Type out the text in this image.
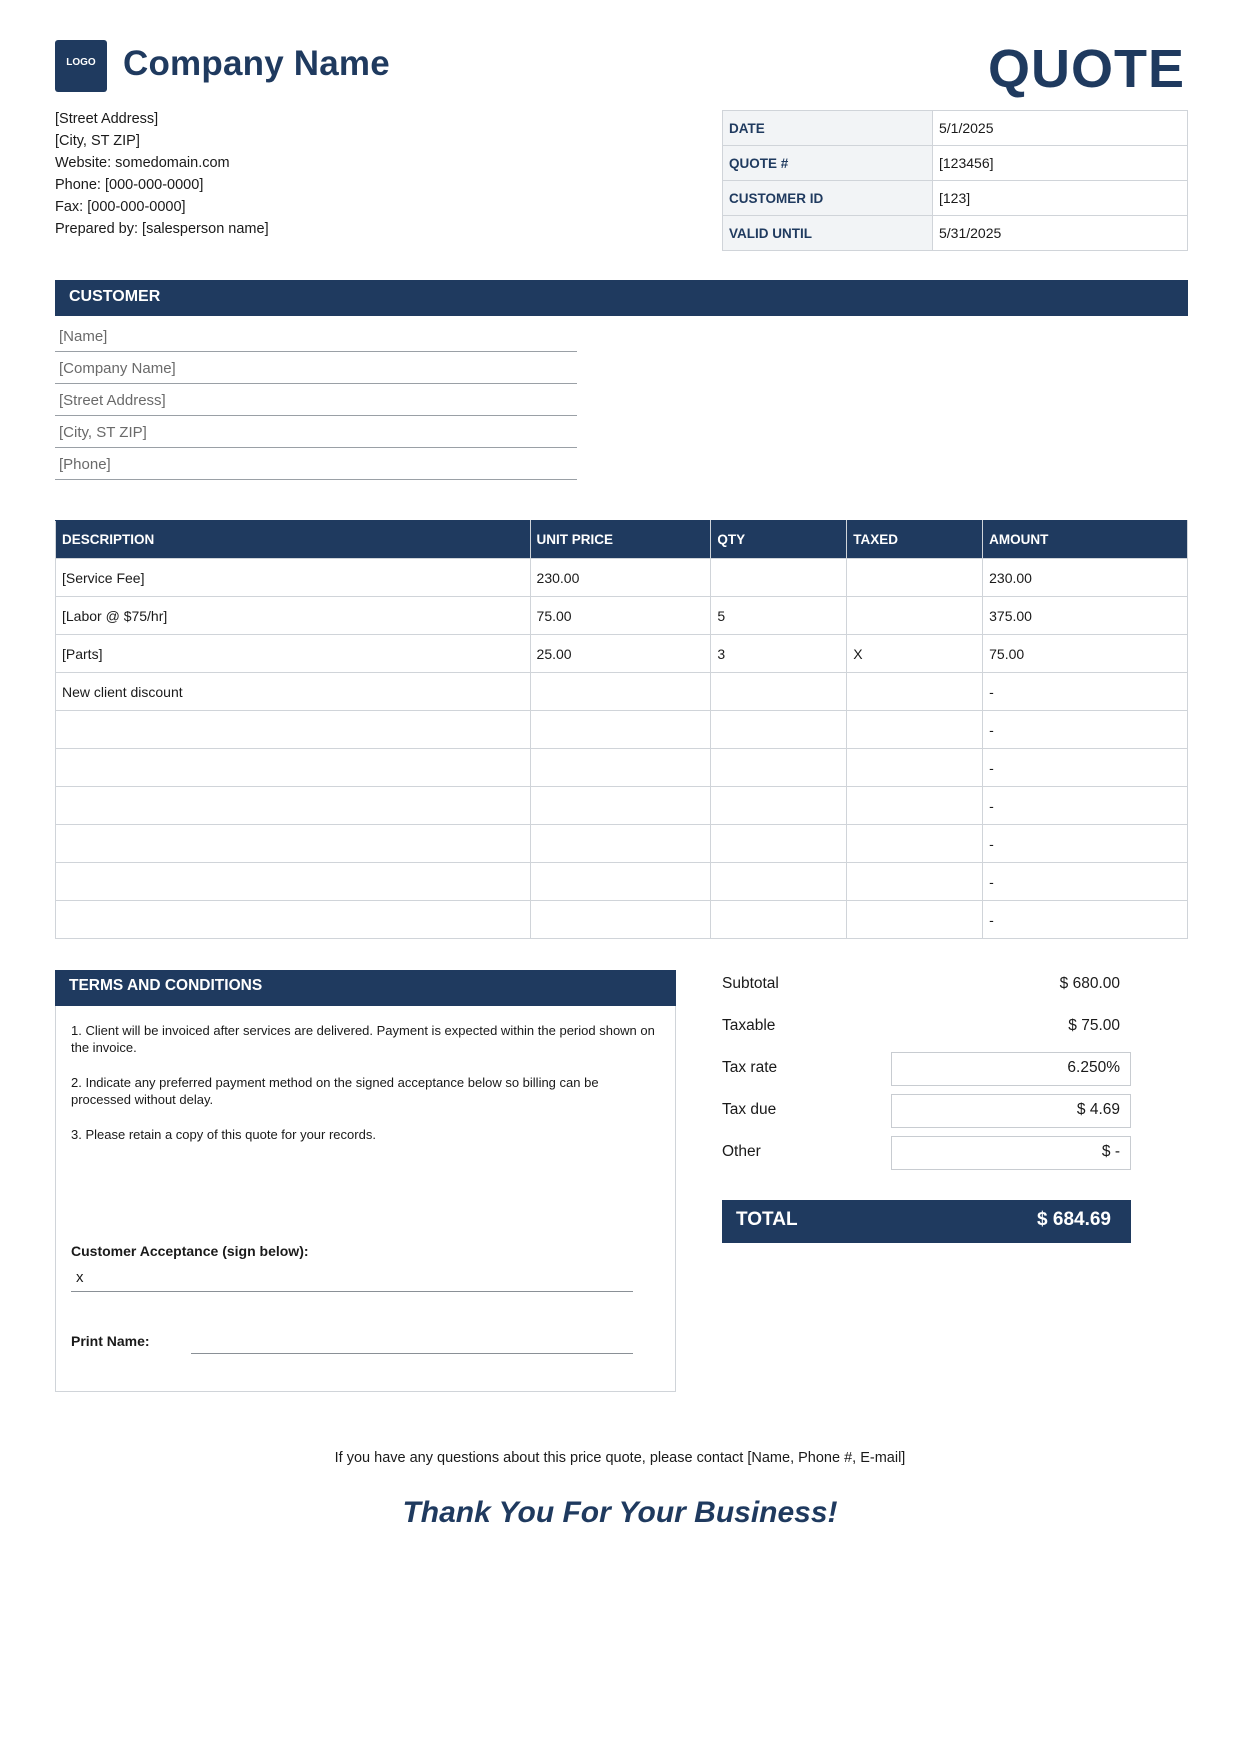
LOGO Company Name	QUOTE
[Street Address]
[City, ST ZIP]
Website: somedomain.com
Phone: [000-000-0000]
Fax: [000-000-0000]
Prepared by: [salesperson name]
DATE	5/1/2025
QUOTE #	[123456]
CUSTOMER ID	[123]
VALID UNTIL	5/31/2025
CUSTOMER
[Name]
[Company Name]
[Street Address]
[City, ST ZIP]
[Phone]
DESCRIPTION	UNIT PRICE	QTY	TAXED	AMOUNT
[Service Fee]	230.00			230.00
[Labor @ $75/hr]	75.00	5		375.00
[Parts]	25.00	3	X	75.00
New client discount				-
				-
				-
				-
				-
				-
				-
TERMS AND CONDITIONS

1. Client will be invoiced after services are delivered. Payment is expected within the period shown on the invoice.

2. Indicate any preferred payment method on the signed acceptance below so billing can be processed without delay.

3. Please retain a copy of this quote for your records.

Customer Acceptance (sign below):
x
Print Name:
Subtotal	$ 680.00
Taxable	$ 75.00
Tax rate	6.250%
Tax due	$ 4.69
Other	$ -
TOTAL	$ 684.69
If you have any questions about this price quote, please contact [Name, Phone #, E-mail]
Thank You For Your Business!
